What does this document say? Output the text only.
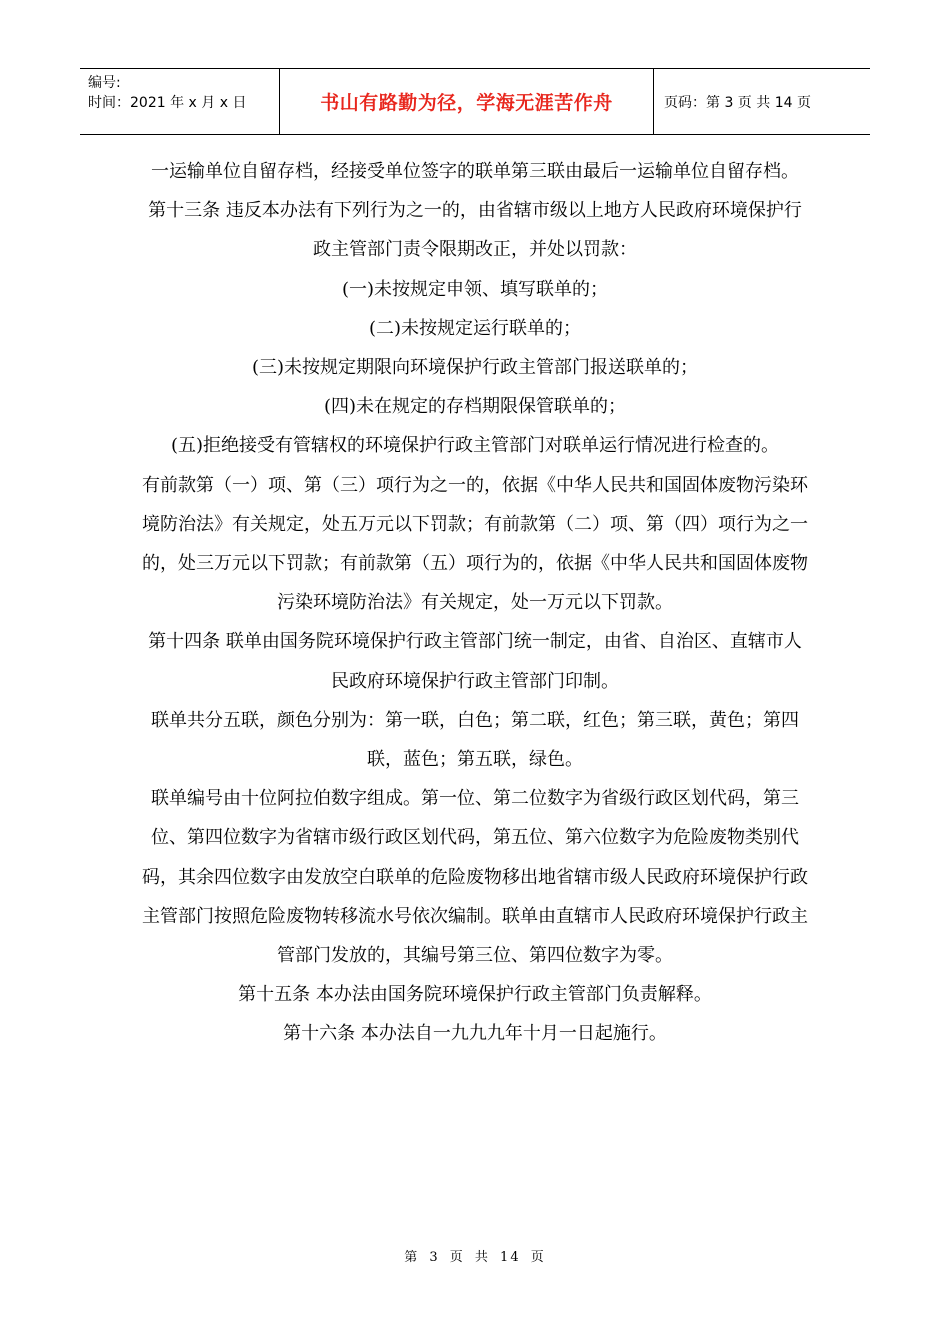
编号:
时间：2021 年 x 月 x 日	书山有路勤为径，学海无涯苦作舟	页码：第 3 页 共 14 页

一运输单位自留存档，经接受单位签字的联单第三联由最后一运输单位自留存档。

第十三条 违反本办法有下列行为之一的，由省辖市级以上地方人民政府环境保护行政主管部门责令限期改正，并处以罚款：

(一)未按规定申领、填写联单的；

(二)未按规定运行联单的；

(三)未按规定期限向环境保护行政主管部门报送联单的；

(四)未在规定的存档期限保管联单的；

(五)拒绝接受有管辖权的环境保护行政主管部门对联单运行情况进行检查的。

有前款第（一）项、第（三）项行为之一的，依据《中华人民共和国固体废物污染环境防治法》有关规定，处五万元以下罚款；有前款第（二）项、第（四）项行为之一的，处三万元以下罚款；有前款第（五）项行为的，依据《中华人民共和国固体废物污染环境防治法》有关规定，处一万元以下罚款。

第十四条 联单由国务院环境保护行政主管部门统一制定，由省、自治区、直辖市人民政府环境保护行政主管部门印制。

联单共分五联，颜色分别为：第一联，白色；第二联，红色；第三联，黄色；第四联，蓝色；第五联，绿色。

联单编号由十位阿拉伯数字组成。第一位、第二位数字为省级行政区划代码，第三位、第四位数字为省辖市级行政区划代码，第五位、第六位数字为危险废物类别代码，其余四位数字由发放空白联单的危险废物移出地省辖市级人民政府环境保护行政主管部门按照危险废物转移流水号依次编制。联单由直辖市人民政府环境保护行政主管部门发放的，其编号第三位、第四位数字为零。

第十五条 本办法由国务院环境保护行政主管部门负责解释。

第十六条 本办法自一九九九年十月一日起施行。

第 3 页 共 14 页
